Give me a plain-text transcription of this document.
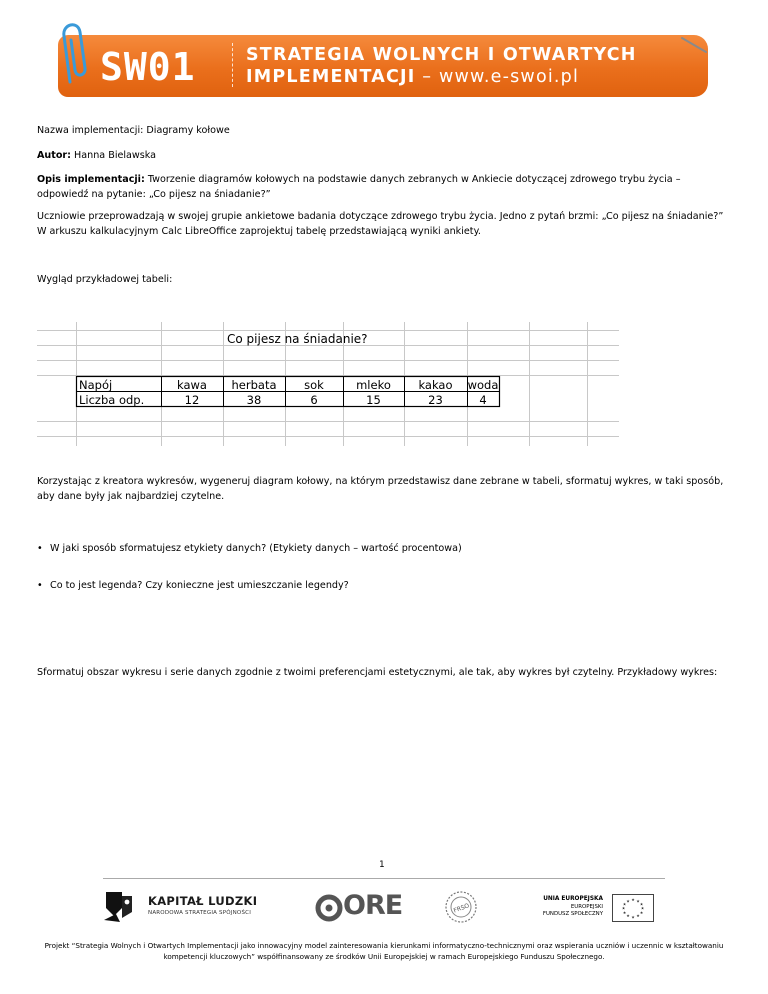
SW01	STRATEGIA WOLNYCH I OTWARTYCH
IMPLEMENTACJI – www.e-swoi.pl
Nazwa implementacji: Diagramy kołowe
Autor: Hanna Bielawska
Opis implementacji: Tworzenie diagramów kołowych na podstawie danych zebranych w Ankiecie dotyczącej zdrowego trybu życia – odpowiedź na pytanie: „Co pijesz na śniadanie?”
Uczniowie przeprowadzają w swojej grupie ankietowe badania dotyczące zdrowego trybu życia. Jedno z pytań brzmi: „Co pijesz na śniadanie?” W arkuszu kalkulacyjnym Calc LibreOffice zaprojektuj tabelę przedstawiającą wyniki ankiety.
Wygląd przykładowej tabeli:
Co pijesz na śniadanie?
Napój	kawa	herbata	sok	mleko	kakao	woda
Liczba odp.	12	38	6	15	23	4
Korzystając z kreatora wykresów, wygeneruj diagram kołowy, na którym przedstawisz dane zebrane w tabeli, sformatuj wykres, w taki sposób, aby dane były jak najbardziej czytelne.
• W jaki sposób sformatujesz etykiety danych? (Etykiety danych – wartość procentowa)
• Co to jest legenda? Czy konieczne jest umieszczanie legendy?
Sformatuj obszar wykresu i serie danych zgodnie z twoimi preferencjami estetycznymi, ale tak, aby wykres był czytelny. Przykładowy wykres:
1
KAPITAŁ LUDZKI
NARODOWA STRATEGIA SPÓJNOŚCI	ORE	FRSO
UNIA EUROPEJSKA
EUROPEJSKI
FUNDUSZ SPOŁECZNY
★ ★
★
★
★
★
★
★
★
★
★
★
Projekt “Strategia Wolnych i Otwartych Implementacji jako innowacyjny model zainteresowania kierunkami informatyczno-technicznymi oraz wspierania uczniów i uczennic w kształtowaniu kompetencji kluczowych” współfinansowany ze środków Unii Europejskiej w ramach Europejskiego Funduszu Społecznego.
